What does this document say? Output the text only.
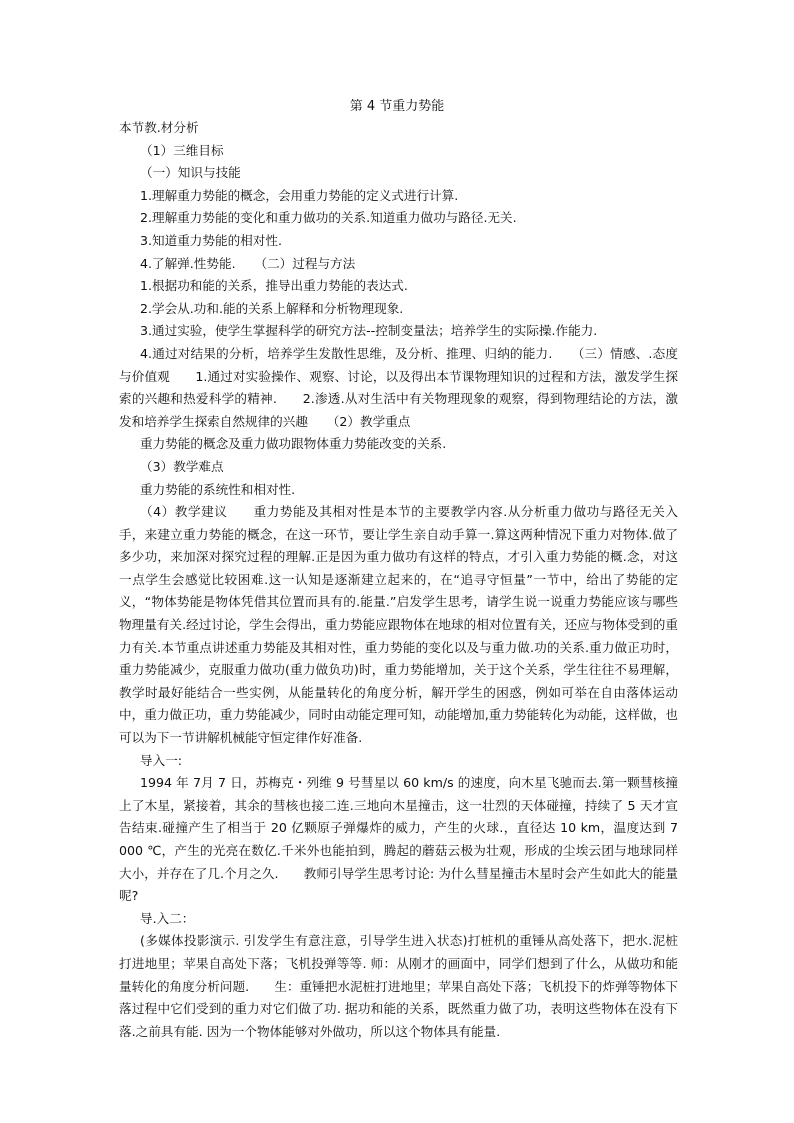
第 4 节重力势能

本节教.材分析

（1）三维目标

（一）知识与技能

1.理解重力势能的概念，会用重力势能的定义式进行计算.

2.理解重力势能的变化和重力做功的关系.知道重力做功与路径.无关.

3.知道重力势能的相对性.

4.了解弹.性势能.　　（二）过程与方法

1.根据功和能的关系，推导出重力势能的表达式.

2.学会从.功和.能的关系上解释和分析物理现象.

3.通过实验，使学生掌握科学的研究方法--控制变量法；培养学生的实际操.作能力.

4.通过对结果的分析，培养学生发散性思维，及分析、推理、归纳的能力.　　（三）情感、.态度与价值观　　1.通过对实验操作、观察、讨论，以及得出本节课物理知识的过程和方法，激发学生探索的兴趣和热爱科学的精神.　　2.渗透.从对生活中有关物理现象的观察，得到物理结论的方法，激发和培养学生探索自然规律的兴趣　　（2）教学重点

重力势能的概念及重力做功跟物体重力势能改变的关系.

（3）教学难点

重力势能的系统性和相对性.

（4）教学建议　　重力势能及其相对性是本节的主要教学内容.从分析重力做功与路径无关入手，来建立重力势能的概念，在这一环节，要让学生亲自动手算一.算这两种情况下重力对物体.做了多少功，来加深对探究过程的理解.正是因为重力做功有这样的特点，才引入重力势能的概.念，对这一点学生会感觉比较困难.这一认知是逐渐建立起来的，在“追寻守恒量”一节中，给出了势能的定义，“物体势能是物体凭借其位置而具有的.能量.”启发学生思考，请学生说一说重力势能应该与哪些物理量有关.经过讨论，学生会得出，重力势能应跟物体在地球的相对位置有关，还应与物体受到的重力有关.本节重点讲述重力势能及其相对性，重力势能的变化以及与重力做.功的关系.重力做正功时，重力势能减少，克服重力做功(重力做负功)时，重力势能增加，关于这个关系，学生往往不易理解，教学时最好能结合一些实例，从能量转化的角度分析，解开学生的困惑，例如可举在自由落体运动中，重力做正功，重力势能减少，同时由动能定理可知，动能增加,重力势能转化为动能，这样做，也可以为下一节讲解机械能守恒定律作好准备.

导入一:

1994 年 7月 7 日，苏梅克・列维 9 号彗星以 60 km/s 的速度，向木星飞驰而去.第一颗彗核撞上了木星，紧接着，其余的彗核也接二连.三地向木星撞击，这一壮烈的天体碰撞，持续了 5 天才宣告结束.碰撞产生了相当于 20 亿颗原子弹爆炸的威力，产生的火球.，直径达 10 km，温度达到 7 000 ℃，产生的光亮在数亿.千米外也能拍到，腾起的蘑菇云极为壮观，形成的尘埃云团与地球同样大小，并存在了几.个月之久.　　教师引导学生思考讨论: 为什么彗星撞击木星时会产生如此大的能量呢?

导.入二：

(多媒体投影演示. 引发学生有意注意，引导学生进入状态)打桩机的重锤从高处落下，把水.泥桩打进地里；苹果自高处下落；飞机投弹等等. 师：从刚才的画面中，同学们想到了什么，从做功和能量转化的角度分析问题.　　生：重锤把水泥桩打进地里；苹果自高处下落；飞机投下的炸弹等物体下落过程中它们受到的重力对它们做了功. 据功和能的关系，既然重力做了功，表明这些物体在没有下落.之前具有能. 因为一个物体能够对外做功，所以这个物体具有能量.
